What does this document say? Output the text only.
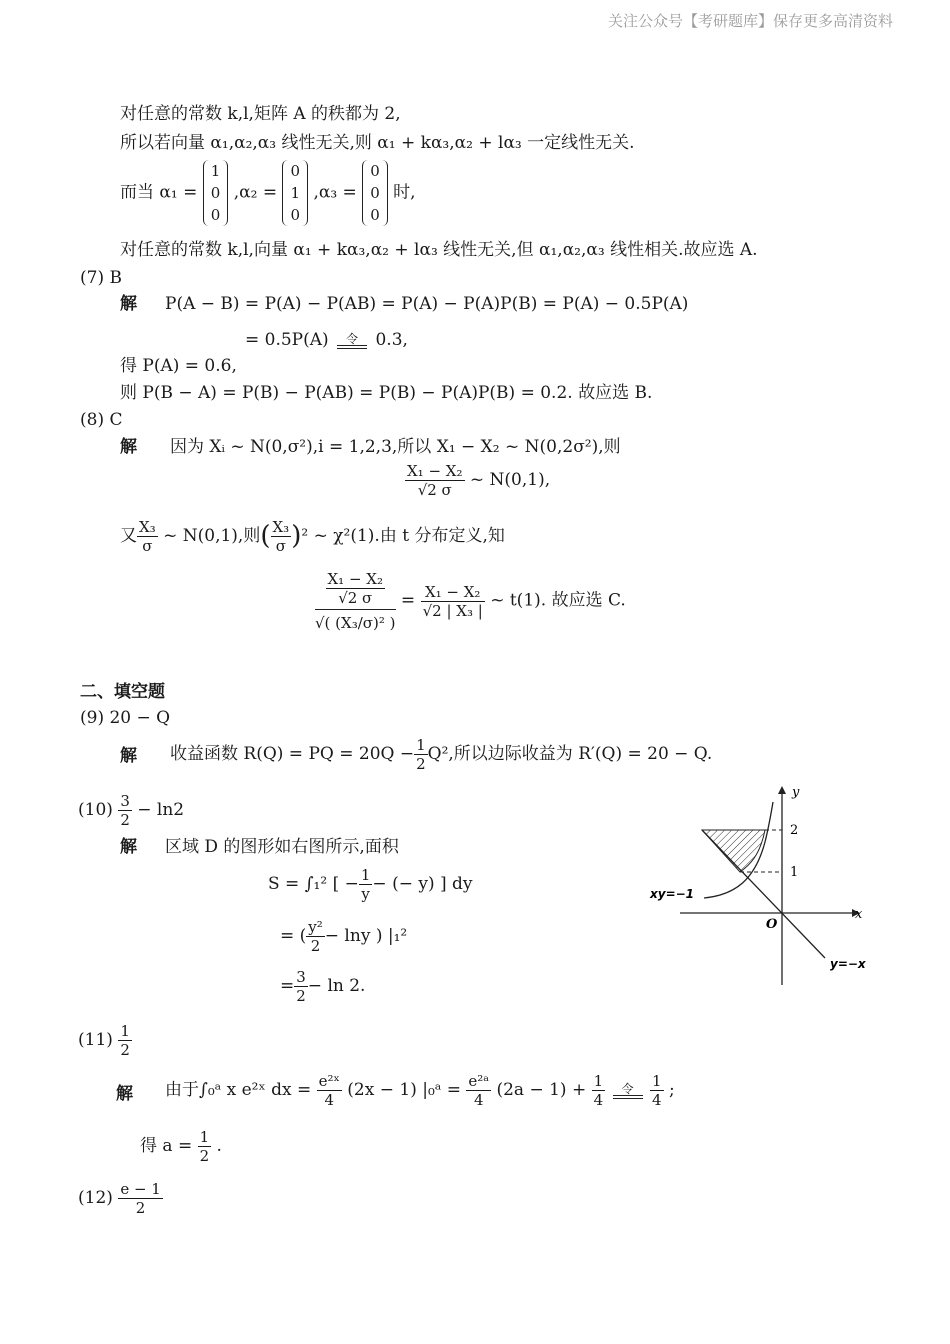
关注公众号【考研题库】保存更多高清资料
对任意的常数 k,l,矩阵 A 的秩都为 2,
所以若向量 α₁,α₂,α₃ 线性无关,则 α₁ + kα₃,α₂ + lα₃ 一定线性无关.
而当 α₁ = 1
0
0 ,α₂ = 0
1
0 ,α₃ = 0
0
0 时,
对任意的常数 k,l,向量 α₁ + kα₃,α₂ + lα₃ 线性无关,但 α₁,α₂,α₃ 线性相关.故应选 A.
(7) B
解 P(A − B) = P(A) − P(AB) = P(A) − P(A)P(B) = P(A) − 0.5P(A)
= 0.5P(A)	令	0.3,
得 P(A) = 0.6,
则 P(B − A) = P(B) − P(AB) = P(B) − P(A)P(B) = 0.2. 故应选 B.
(8) C
解 因为 Xᵢ ~ N(0,σ²),i = 1,2,3,所以 X₁ − X₂ ~ N(0,2σ²),则
$\frac{\text{X₁ − X₂}}{√2 \sigma}$ ~ N(0,1),
又 $\frac{\text{X₃}}{\sigma}$ ~ N(0,1),则( $\frac{\text{X₃}}{\sigma} )^2$ ~ χ²(1).由 t 分布定义,知
$\frac{\frac{\text{X₁ − X₂}}{√2 \sigma}}{\text{√( (X₃/σ)² )}} = \frac{\text{X₁ − X₂}}{\text{√2 | X₃ |}}$ ~ t(1). 故应选 C.
二、填空题
(9) 20 − Q
解 收益函数 R(Q) = PQ = $20Q - \frac{1}{2} Q^2$,所以边际收益为 R′(Q) = 20 − Q.
$(10) \frac{3}{2} - \ln 2$
解 区域 D 的图形如右图所示,面积
S = ∫₁² [ − $\frac{1}{y}$ − (− y) ] dy
= ( $\frac{\text{y²}}{2} - \ln y$ ) |₁²
= $\frac{3}{2} - \ln 2$.
2
1
y
x
O
xy=−1
y=−x
$(11) \frac{1}{2}$
解 由于∫₀ᵃ x e²ˣ dx = $\frac{\text{e²ˣ}}{4} (2x - 1)$ |₀ᵃ = $\frac{\text{e²ᵃ}}{4} (2a - 1) + \frac{1}{4}$
	令
	$\frac{1}{4}$ ;
得 $a = \frac{1}{2}$ .
$(12) \frac{e - 1}{2}$
